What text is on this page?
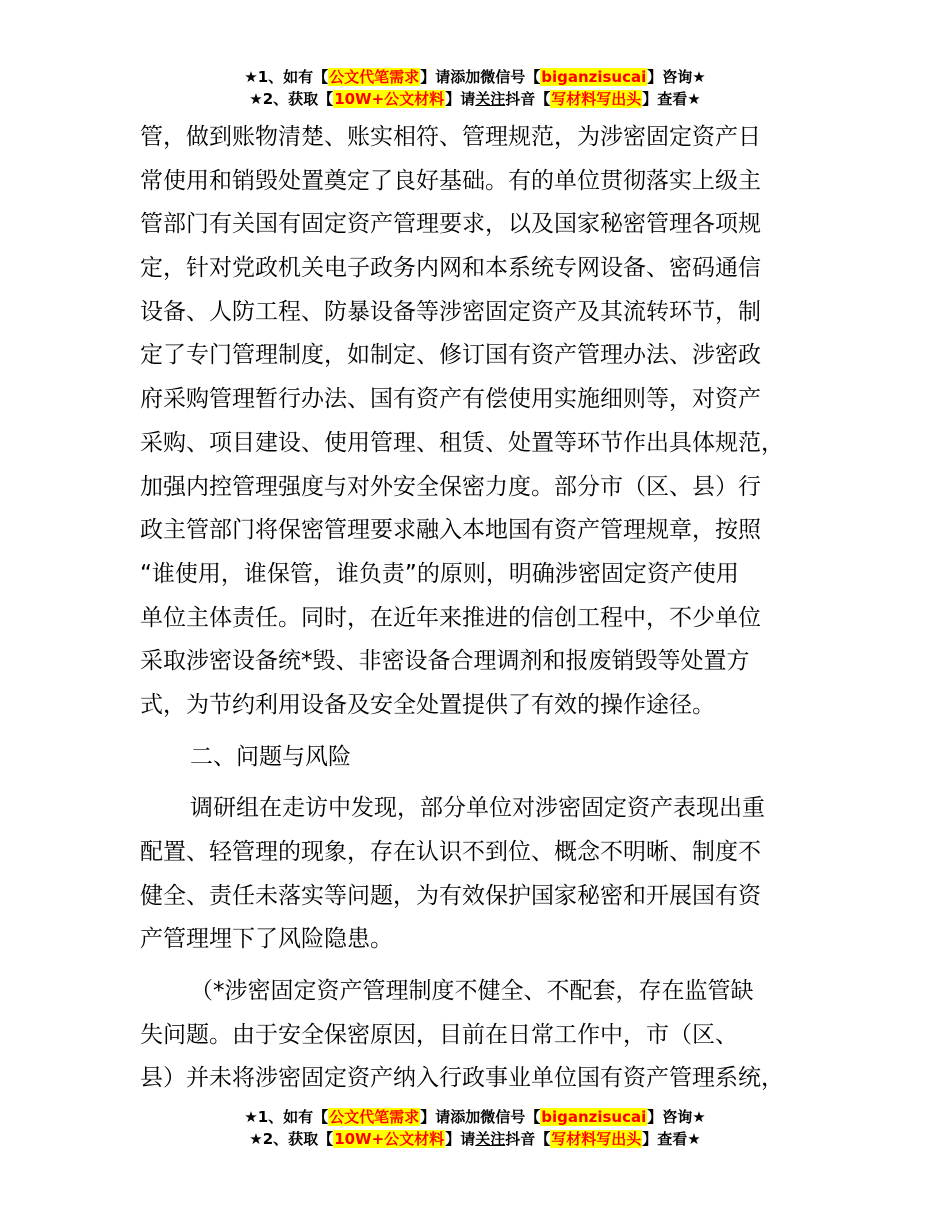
★1、如有【公文代笔需求】请添加微信号【biganzisucai】咨询★
★2、获取【10W+公文材料】请关注抖音【写材料写出头】查看★
管，做到账物清楚、账实相符、管理规范，为涉密固定资产日
常使用和销毁处置奠定了良好基础。有的单位贯彻落实上级主
管部门有关国有固定资产管理要求，以及国家秘密管理各项规
定，针对党政机关电子政务内网和本系统专网设备、密码通信
设备、人防工程、防暴设备等涉密固定资产及其流转环节，制
定了专门管理制度，如制定、修订国有资产管理办法、涉密政
府采购管理暂行办法、国有资产有偿使用实施细则等，对资产
采购、项目建设、使用管理、租赁、处置等环节作出具体规范，
加强内控管理强度与对外安全保密力度。部分市（区、县）行
政主管部门将保密管理要求融入本地国有资产管理规章，按照
“谁使用，谁保管，谁负责”的原则，明确涉密固定资产使用
单位主体责任。同时，在近年来推进的信创工程中，不少单位
采取涉密设备统*毁、非密设备合理调剂和报废销毁等处置方
式，为节约利用设备及安全处置提供了有效的操作途径。
二、问题与风险
调研组在走访中发现，部分单位对涉密固定资产表现出重
配置、轻管理的现象，存在认识不到位、概念不明晰、制度不
健全、责任未落实等问题，为有效保护国家秘密和开展国有资
产管理埋下了风险隐患。
（*涉密固定资产管理制度不健全、不配套，存在监管缺
失问题。由于安全保密原因，目前在日常工作中，市（区、
县）并未将涉密固定资产纳入行政事业单位国有资产管理系统，
★1、如有【公文代笔需求】请添加微信号【biganzisucai】咨询★
★2、获取【10W+公文材料】请关注抖音【写材料写出头】查看★
